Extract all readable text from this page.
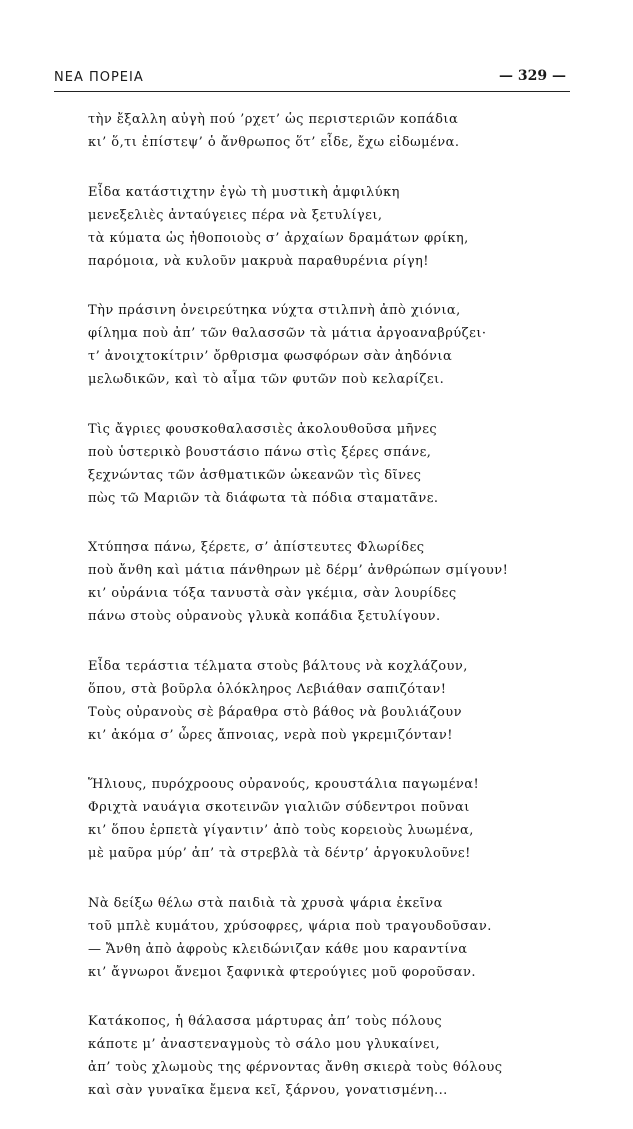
ΝΕΑ ΠΟΡΕΙΑ	— 329 —
τὴν ἔξαλλη αὐγὴ πού ’ρχετ’ ὡς περιστεριῶν κοπάδια
κι’ ὅ,τι ἐπίστεψ’ ὁ ἄνθρωπος ὅτ’ εἶδε, ἔχω εἰδωμένα.
Εἶδα κατάστιχτην ἐγὼ τὴ μυστικὴ ἀμφιλύκη
μενεξελιὲς ἀνταύγειες πέρα νὰ ξετυλίγει,
τὰ κύματα ὡς ἠθοποιοὺς σ’ ἀρχαίων δραμάτων φρίκη,
παρόμοια, νὰ κυλοῦν μακρυὰ παραθυρένια ρίγη!
Τὴν πράσινη ὀνειρεύτηκα νύχτα στιλπνὴ ἀπὸ χιόνια,
φίλημα ποὺ ἀπ’ τῶν θαλασσῶν τὰ μάτια ἀργοαναβρύζει·
τ’ ἀνοιχτοκίτριν’ ὄρθρισμα φωσφόρων σὰν ἀηδόνια
μελωδικῶν, καὶ τὸ αἷμα τῶν φυτῶν ποὺ κελαρίζει.
Τὶς ἄγριες φουσκοθαλασσιὲς ἀκολουθοῦσα μῆνες
ποὺ ὑστερικὸ βουστάσιο πάνω στὶς ξέρες σπάνε,
ξεχνώντας τῶν ἀσθματικῶν ὠκεανῶν τὶς δῖνες
πὼς τῶ Μαριῶν τὰ διάφωτα τὰ πόδια σταματᾶνε.
Χτύπησα πάνω, ξέρετε, σ’ ἀπίστευτες Φλωρίδες
ποὺ ἄνθη καὶ μάτια πάνθηρων μὲ δέρμ’ ἀνθρώπων σμίγουν!
κι’ οὐράνια τόξα τανυστὰ σὰν γκέμια, σὰν λουρίδες
πάνω στοὺς οὐρανοὺς γλυκὰ κοπάδια ξετυλίγουν.
Εἶδα τεράστια τέλματα στοὺς βάλτους νὰ κοχλάζουν,
ὅπου, στὰ βοῦρλα ὁλόκληρος Λεβιάθαν σαπιζόταν!
Τοὺς οὐρανοὺς σὲ βάραθρα στὸ βάθος νὰ βουλιάζουν
κι’ ἀκόμα σ’ ὧρες ἄπνοιας, νερὰ ποὺ γκρεμιζόνταν!
Ἥλιους, πυρόχροους οὐρανούς, κρουστάλια παγωμένα!
Φριχτὰ ναυάγια σκοτεινῶν γιαλιῶν σύδεντροι ποῦναι
κι’ ὅπου ἑρπετὰ γίγαντιν’ ἀπὸ τοὺς κορειοὺς λυωμένα,
μὲ μαῦρα μύρ’ ἀπ’ τὰ στρεβλὰ τὰ δέντρ’ ἀργοκυλοῦνε!
Νὰ δείξω θέλω στὰ παιδιὰ τὰ χρυσὰ ψάρια ἐκεῖνα
τοῦ μπλὲ κυμάτου, χρύσοφρες, ψάρια ποὺ τραγουδοῦσαν.
— Ἄνθη ἀπὸ ἀφροὺς κλειδώνιζαν κάθε μου καραντίνα
κι’ ἄγνωροι ἄνεμοι ξαφνικὰ φτερούγιες μοῦ φοροῦσαν.
Κατάκοπος, ἡ θάλασσα μάρτυρας ἀπ’ τοὺς πόλους
κάποτε μ’ ἀναστεναγμοὺς τὸ σάλο μου γλυκαίνει,
ἀπ’ τοὺς χλωμοὺς της φέρνοντας ἄνθη σκιερὰ τοὺς θόλους
καὶ σὰν γυναῖκα ἔμενα κεῖ, ξάρνου, γονατισμένη...
